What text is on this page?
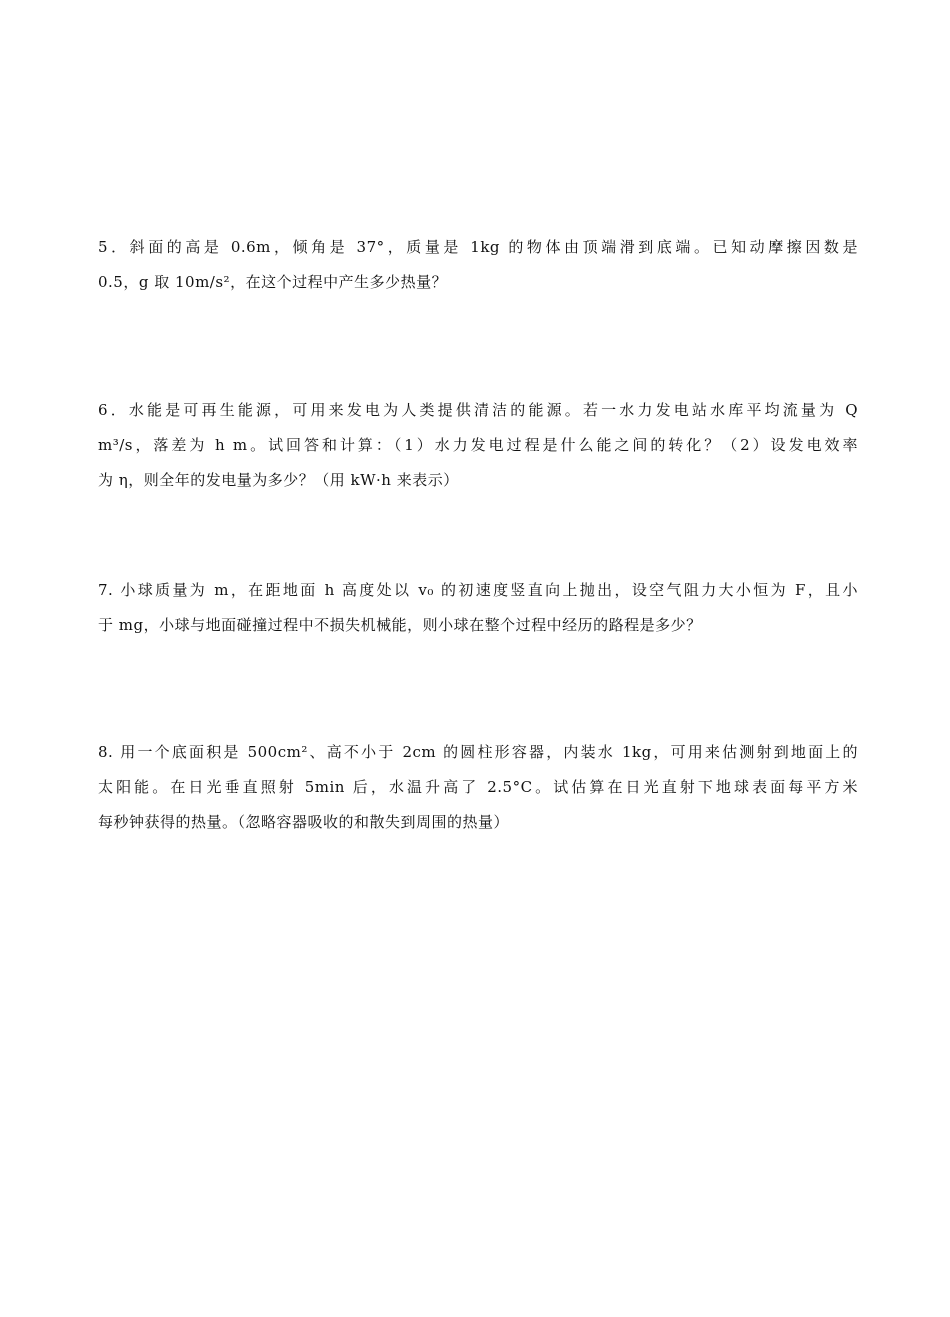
5．斜面的高是 0.6m，倾角是 37°，质量是 1kg 的物体由顶端滑到底端。已知动摩擦因数是
0.5，g 取 10m/s²，在这个过程中产生多少热量？
6．水能是可再生能源，可用来发电为人类提供清洁的能源。若一水力发电站水库平均流量为 Q
m³/s，落差为 h m。试回答和计算：（1）水力发电过程是什么能之间的转化？（2）设发电效率
为 η，则全年的发电量为多少？（用 kW·h 来表示）
7. 小球质量为 m，在距地面 h 高度处以 v₀ 的初速度竖直向上抛出，设空气阻力大小恒为 F，且小
于 mg，小球与地面碰撞过程中不损失机械能，则小球在整个过程中经历的路程是多少？
8. 用一个底面积是 500cm²、高不小于 2cm 的圆柱形容器，内装水 1kg，可用来估测射到地面上的
太阳能。在日光垂直照射 5min 后，水温升高了 2.5°C。试估算在日光直射下地球表面每平方米
每秒钟获得的热量。（忽略容器吸收的和散失到周围的热量）
